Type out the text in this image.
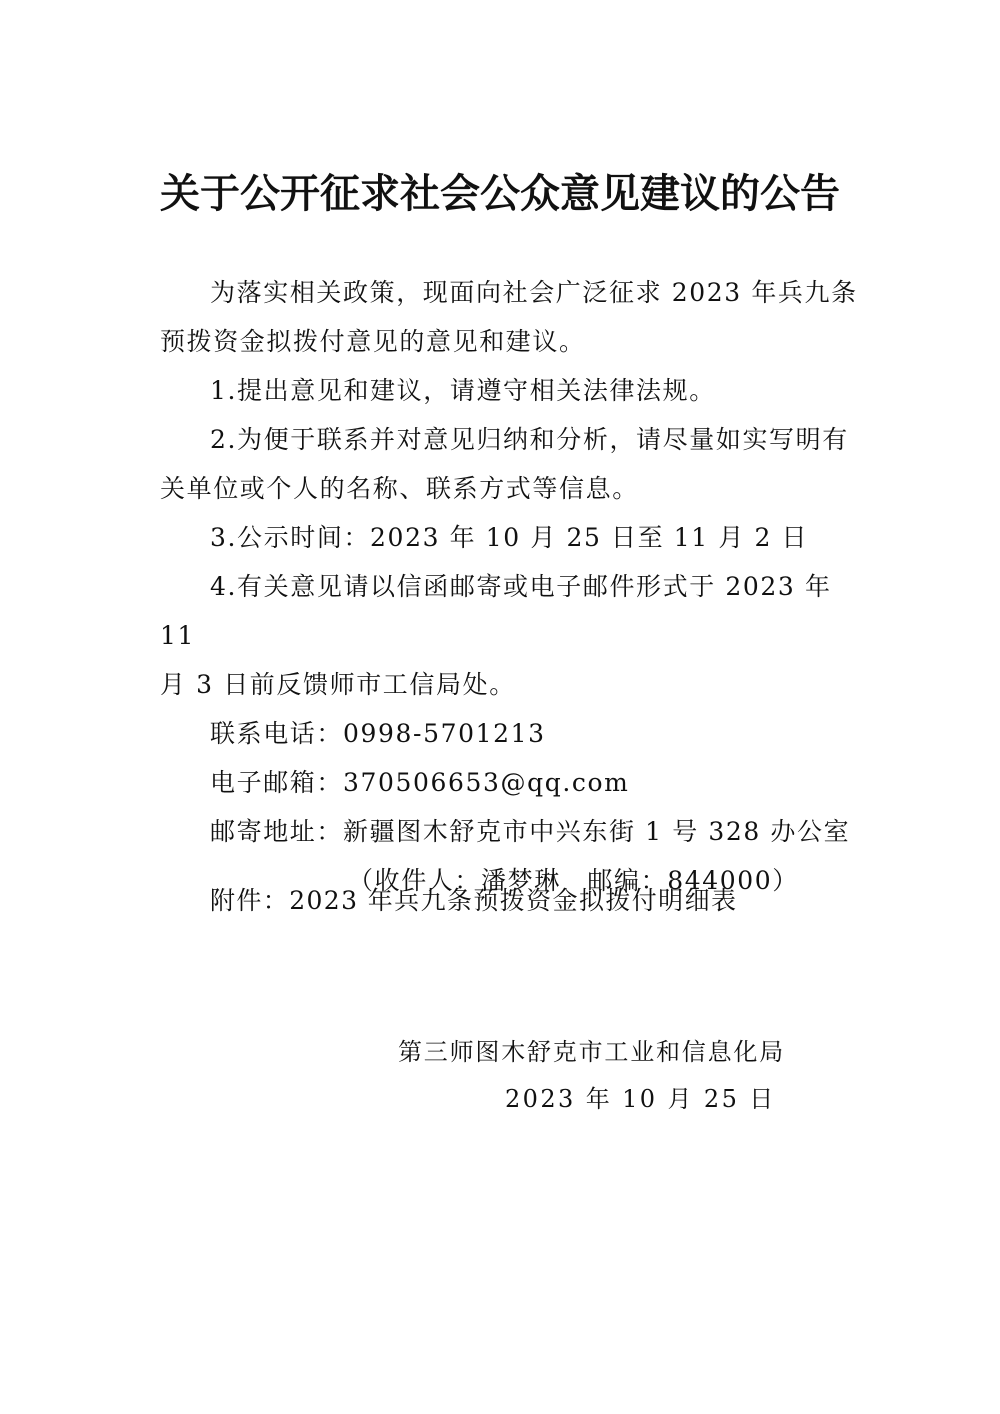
关于公开征求社会公众意见建议的公告

为落实相关政策，现面向社会广泛征求 2023 年兵九条
预拨资金拟拨付意见的意见和建议。

1.提出意见和建议，请遵守相关法律法规。

2.为便于联系并对意见归纳和分析，请尽量如实写明有
关单位或个人的名称、联系方式等信息。

3.公示时间：2023 年 10 月 25 日至 11 月 2 日

4.有关意见请以信函邮寄或电子邮件形式于 2023 年 11
月 3 日前反馈师市工信局处。

联系电话：0998-5701213

电子邮箱：370506653@qq.com

邮寄地址：新疆图木舒克市中兴东街 1 号 328 办公室

（收件人：潘梦琳　邮编：844000）

附件：2023 年兵九条预拨资金拟拨付明细表
第三师图木舒克市工业和信息化局
2023 年 10 月 25 日
